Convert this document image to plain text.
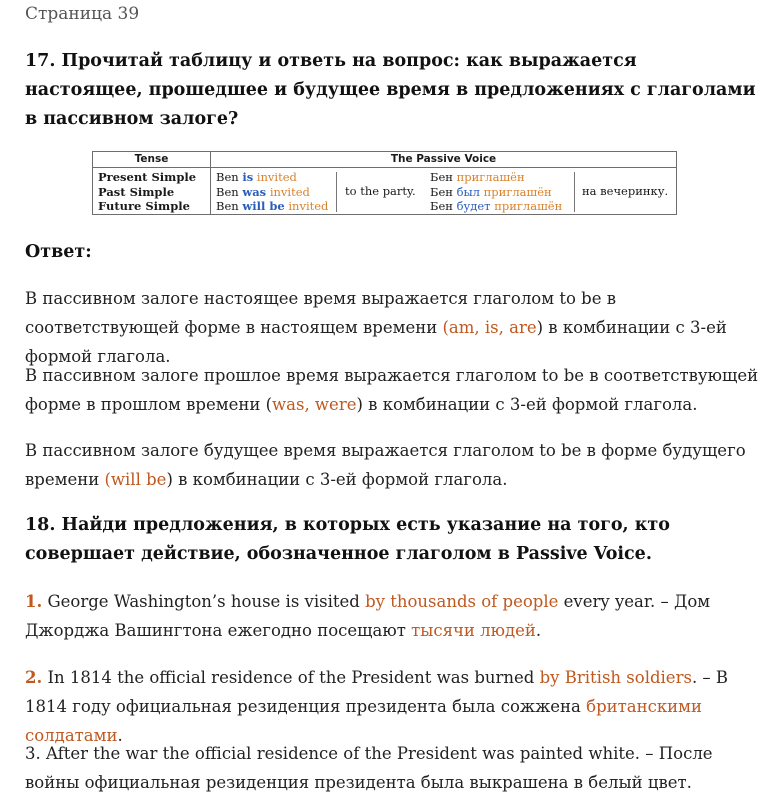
Страница 39
17. Прочитай таблицу и ответь на вопрос: как выражается настоящее, прошедшее и будущее время в предложениях с глаголами в пассивном залоге?
Tense	The Passive Voice
Present Simple
Past Simple
Future Simple
Ben is invited
Ben was invited
Ben will be invited
to the party.
Бен приглашён
Бен был приглашён
Бен будет приглашён
на вечеринку.
Ответ:
В пассивном залоге настоящее время выражается глаголом to be в соответствующей форме в настоящем времени (am, is, are) в комбинации с 3-ей формой глагола.
В пассивном залоге прошлое время выражается глаголом to be в соответствующей форме в прошлом времени (was, were) в комбинации с 3-ей формой глагола.
В пассивном залоге будущее время выражается глаголом to be в форме будущего времени (will be) в комбинации с 3-ей формой глагола.
18. Найди предложения, в которых есть указание на того, кто совершает действие, обозначенное глаголом в Passive Voice.
1. George Washington’s house is visited by thousands of people every year. – Дом Джорджа Вашингтона ежегодно посещают тысячи людей.
2. In 1814 the official residence of the President was burned by British soldiers. – В 1814 году официальная резиденция президента была сожжена британскими солдатами.
3. After the war the official residence of the President was painted white. – После войны официальная резиденция президента была выкрашена в белый цвет.
